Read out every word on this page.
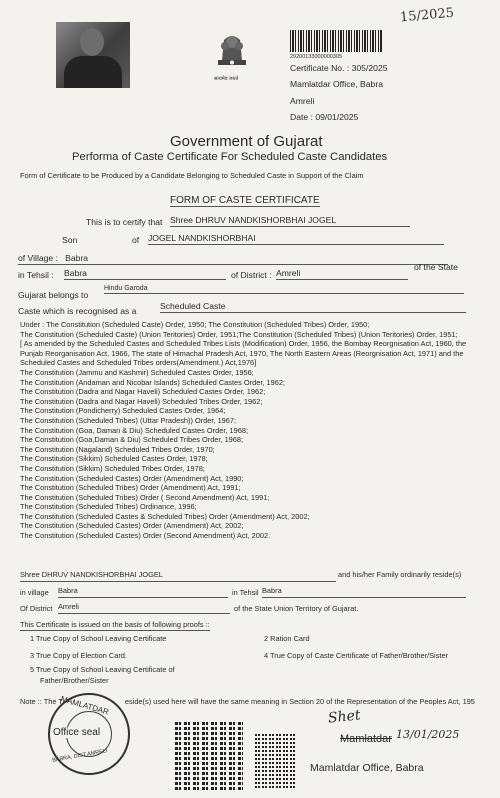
सत्यमेव जयते
29200133000000305
15/2025
Certificate No. : 305/2025
Mamlatdar Office, Babra
Amreli
Date : 09/01/2025
Government of Gujarat
Performa of Caste Certificate For Scheduled Caste Candidates
Form of Certificate to be Produced by a Candidate Belonging to Scheduled Caste in Support of the Claim
FORM OF CASTE CERTIFICATE
This is to certify that Shree DHRUV NANDKISHORBHAI JOGEL
Son	of JOGEL NANDKISHORBHAI
of Village : Babra
in Tehsil : Babra	of District : Amreli
of the State
Gujarat belongs to
Hindu Garoda
Caste which is recognised as a	Scheduled Caste
Under : The Constitution (Scheduled Caste) Order, 1950; The Constitution (Scheduled Tribes) Order, 1950;
The Constitution (Scheduled Caste) (Union Teritories) Order, 1951;The Constitution (Scheduled Tribes) (Union Teritories) Order, 1951;
[ As amended by the Scheduled Castes and Scheduled Tribes Lists (Modification) Order, 1956, the Bombay Reorgnisation Act, 1960, the
Punjab Reorganisation Act, 1966, The state of Himachal Pradesh Act, 1970, The North Eastern Areas (Reorgnisation Act, 1971) and the
Scheduled Castes and Scheduled Tribes orders(Amendment.) Act,1976]
The Constitution (Jammu and Kashmir) Scheduled Castes Order, 1956;
The Constitution (Andaman and Nicobar Islands) Scheduled Castes Order, 1962;
The Constitution (Dadra and Nagar Haveli) Scheduled Castes Order, 1962;
The Constitution (Dadra and Nagar Haveli) Scheduled Tribes Order, 1962;
The Constitution (Pondicherry) Scheduled Castes Order, 1964;
The Constitution (Scheduled Tribes) (Uttar Pradesh)) Order, 1967;
The Constitution (Goa, Daman & Diu) Scheduled Castes Order, 1968;
The Constitution (Goa,Daman & Diu) Scheduled Tribes Order, 1968;
The Constitution (Nagaland) Scheduled Tribes Order, 1970;
The Constitution (Sikkim) Scheduled Castes Order, 1978;
The Constitution (Sikkim) Scheduled Tribes Order, 1978;
The Constitution (Scheduled Castes) Order (Amendment) Act, 1990;
The Constitution (Scheduled Tribes) Order (Amendment) Act, 1991;
The Constitution (Scheduled Tribes) Order ( Second Amendment) Act, 1991;
The Constitution (Scheduled Tribes) Ordinance, 1996;
The Constitution (Scheduled Castes & Scheduled Tribes) Order (Amendment) Act, 2002;
The Constitution (Scheduled Castes) Order (Amendment) Act, 2002;
The Constitution (Scheduled Castes) Order (Second Amendment) Act, 2002.
Shree DHRUV NANDKISHORBHAI JOGEL	and his/her Family ordinarily reside(s)
in village Babra	in Tehsil Babra
Of District Amreli	of the State Union Territory of Gujarat.
This Certificate is issued on the basis of following proofs ::
1 True Copy of School Leaving Certificate	2 Ration Card
3 True Copy of Election Card.	4 True Copy of Caste Certificate of Father/Brother/Sister
5 True Copy of School Leaving Certificate of
Father/Brother/Sister
Note :: The T	eside(s) used here will have the same meaning in Section 20 of the Representation of the Peoples Act, 195
MAMLATDAR
Office seal
BABRA, DIST AMRELI
Shet
Mamlatdar 13/01/2025
Mamlatdar Office, Babra
